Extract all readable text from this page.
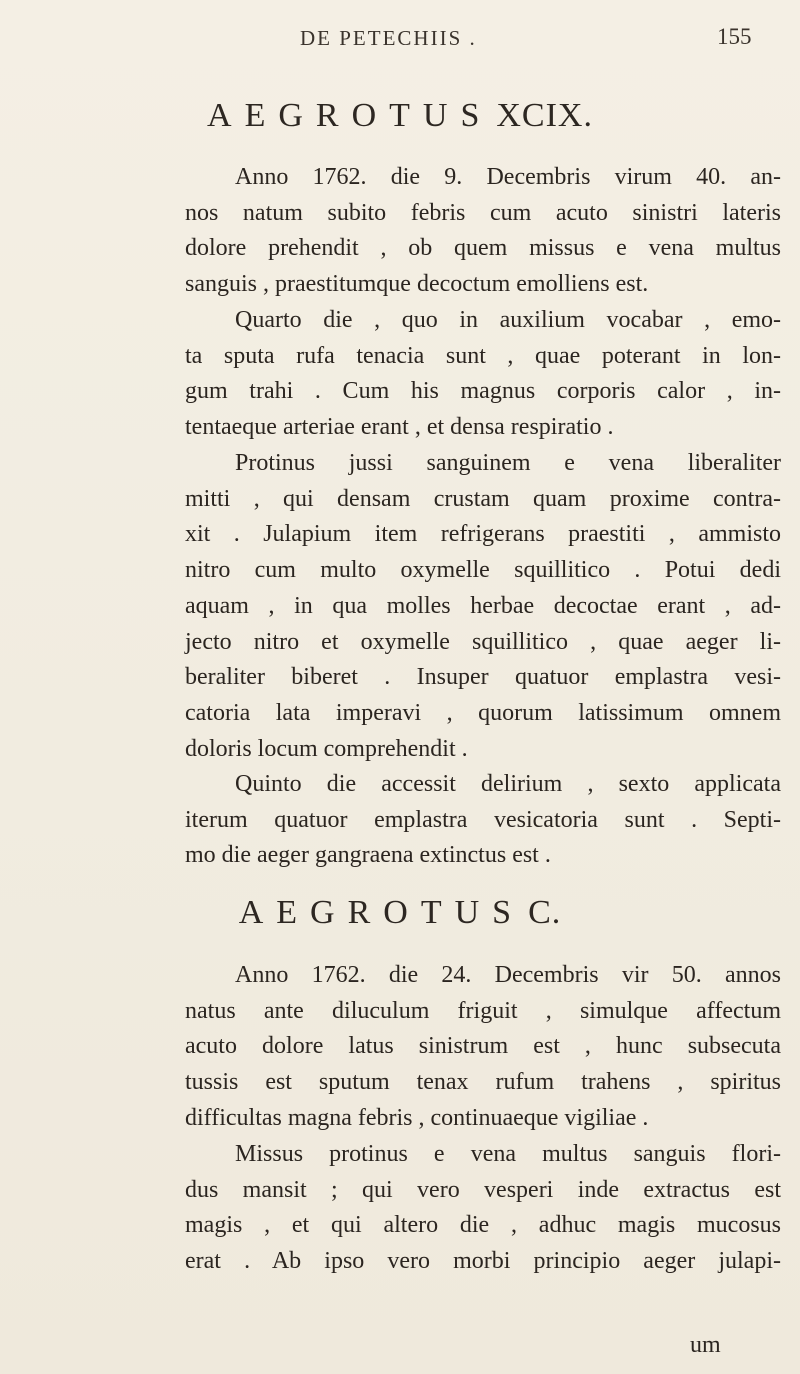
DE PETECHIIS .	155
AEGROTUS XCIX.
Anno 1762. die 9. Decembris virum 40. an-
nos natum subito febris cum acuto sinistri lateris
dolore prehendit , ob quem missus e vena multus
sanguis , praestitumque decoctum emolliens est.
Quarto die , quo in auxilium vocabar , emo-
ta sputa rufa tenacia sunt , quae poterant in lon-
gum trahi . Cum his magnus corporis calor , in-
tentaeque arteriae erant , et densa respiratio .
Protinus jussi sanguinem e vena liberaliter
mitti , qui densam crustam quam proxime contra-
xit . Julapium item refrigerans praestiti , ammisto
nitro cum multo oxymelle squillitico . Potui dedi
aquam , in qua molles herbae decoctae erant , ad-
jecto nitro et oxymelle squillitico , quae aeger li-
beraliter biberet . Insuper quatuor emplastra vesi-
catoria lata imperavi , quorum latissimum omnem
doloris locum comprehendit .
Quinto die accessit delirium , sexto applicata
iterum quatuor emplastra vesicatoria sunt . Septi-
mo die aeger gangraena extinctus est .
AEGROTUS C.
Anno 1762. die 24. Decembris vir 50. annos
natus ante diluculum friguit , simulque affectum
acuto dolore latus sinistrum est , hunc subsecuta
tussis est sputum tenax rufum trahens , spiritus
difficultas magna febris , continuaeque vigiliae .
Missus protinus e vena multus sanguis flori-
dus mansit ; qui vero vesperi inde extractus est
magis , et qui altero die , adhuc magis mucosus
erat . Ab ipso vero morbi principio aeger julapi-
um
